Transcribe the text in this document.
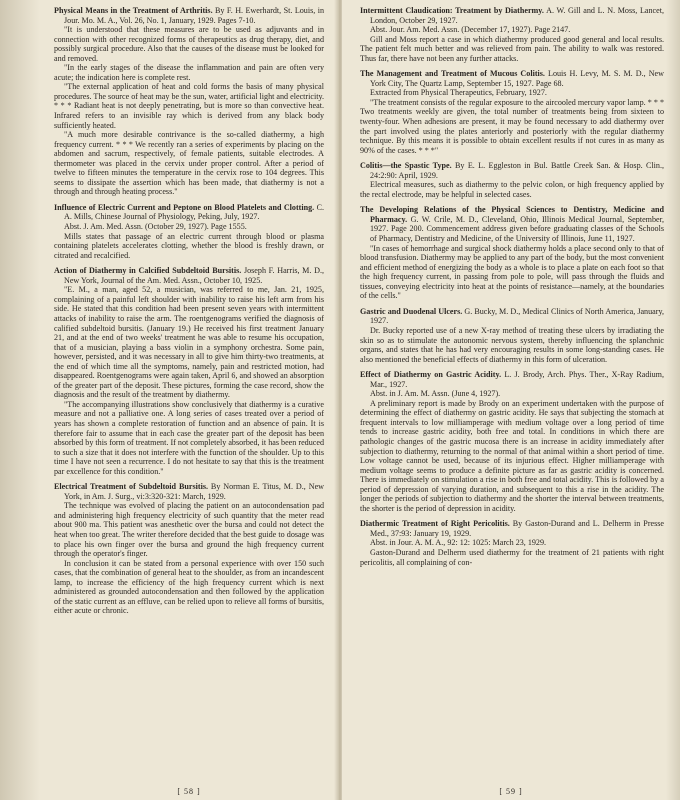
Physical Means in the Treatment of Arthritis. By F. H. Ewerhardt, St. Louis, in Jour. Mo. M. A., Vol. 26, No. 1, January, 1929. Pages 7-10.

"It is understood that these measures are to be used as adjuvants and in connection with other recognized forms of therapeutics as drug therapy, diet, and possibly surgical procedure. Also that the causes of the disease must be looked for and removed.

"In the early stages of the disease the inflammation and pain are often very acute; the indication here is complete rest.

"The external application of heat and cold forms the basis of many physical procedures. The source of heat may be the sun, water, artificial light and electricity. * * * Radiant heat is not deeply penetrating, but is more so than convective heat. Infrared refers to an invisible ray which is derived from any black body sufficiently heated.

"A much more desirable contrivance is the so-called diathermy, a high frequency current. * * * We recently ran a series of experiments by placing on the abdomen and sacrum, respectively, of female patients, suitable electrodes. A thermometer was placed in the cervix under proper control. After a period of twelve to fifteen minutes the temperature in the cervix rose to 104 degrees. This seems to dissipate the assertion which has been made, that diathermy is not a through and through heating process."

Influence of Electric Current and Peptone on Blood Platelets and Clotting. C. A. Mills, Chinese Journal of Physiology, Peking, July, 1927.

Abst. J. Am. Med. Assn. (October 29, 1927). Page 1555.

Mills states that passage of an electric current through blood or plasma containing platelets accelerates clotting, whether the blood is freshly drawn, or citrated and recalcified.

Action of Diathermy in Calcified Subdeltoid Bursitis. Joseph F. Harris, M. D., New York, Journal of the Am. Med. Assn., October 10, 1925.

"E. M., a man, aged 52, a musician, was referred to me, Jan. 21, 1925, complaining of a painful left shoulder with inability to raise his left arm from his side. He stated that this condition had been present seven years with intermittent attacks of inability to raise the arm. The roentgenograms verified the diagnosis of calified subdeltoid bursitis. (January 19.) He received his first treatment January 21, and at the end of two weeks' treatment he was able to resume his occupation, that of a musician, playing a bass violin in a symphony orchestra. Some pain, however, persisted, and it was necessary in all to give him thirty-two treatments, at the end of which time all the symptoms, namely, pain and restricted motion, had disappeared. Roentgenograms were again taken, April 6, and showed an absorption of the greater part of the deposit. These pictures, forming the case record, show the diagnosis and the result of the treatment by diathermy.

"The accompanying illustrations show conclusively that diathermy is a curative measure and not a palliative one. A long series of cases treated over a period of years has shown a complete restoration of function and an absence of pain. It is therefore fair to assume that in each case the greater part of the deposit has been absorbed by this form of treatment. If not completely absorbed, it has been reduced to such a size that it does not interfere with the function of the shoulder. Up to this time I have not seen a recurrence. I do not hesitate to say that this is the treatment par excellence for this condition."

Electrical Treatment of Subdeltoid Bursitis. By Norman E. Titus, M. D., New York, in Am. J. Surg., vi:3:320-321: March, 1929.

The technique was evolved of placing the patient on an autocondensation pad and administering high frequency electricity of such quantity that the meter read about 900 ma. This patient was anesthetic over the bursa and could not detect the heat when too great. The writer therefore decided that the best guide to dosage was to place his own finger over the bursa and ground the high frequency current through the operator's finger.

In conclusion it can be stated from a personal experience with over 150 such cases, that the combination of general heat to the shoulder, as from an incandescent lamp, to increase the efficiency of the high frequency current which is next administered as grounded autocondensation and then followed by the application of the static current as an effluve, can be relied upon to relieve all forms of bursitis, either acute or chronic.

[ 58 ]
Intermittent Claudication: Treatment by Diathermy. A. W. Gill and L. N. Moss, Lancet, London, October 29, 1927.

Abst. Jour. Am. Med. Assn. (December 17, 1927). Page 2147.

Gill and Moss report a case in which diathermy produced good general and local results. The patient felt much better and was relieved from pain. The ability to walk was restored. Thus far, there have not been any further attacks.

The Management and Treatment of Mucous Colitis. Louis H. Levy, M. S. M. D., New York City, The Quartz Lamp, September 15, 1927. Page 68.

Extracted from Physical Therapeutics, February, 1927.

"The treatment consists of the regular exposure to the aircooled mercury vapor lamp. * * * Two treatments weekly are given, the total number of treatments being from sixteen to twenty-four. When adhesions are present, it may be found necessary to add diathermy over the part involved using the plates anteriorly and posteriorly with the regular diathermy technique. By this means it is possible to obtain excellent results if not cures in as many as 90% of the cases. * * *"

Colitis—the Spastic Type. By E. L. Eggleston in Bul. Battle Creek San. & Hosp. Clin., 24:2:90: April, 1929.

Electrical measures, such as diathermy to the pelvic colon, or high frequency applied by the rectal electrode, may be helpful in selected cases.

The Developing Relations of the Physical Sciences to Dentistry, Medicine and Pharmacy. G. W. Crile, M. D., Cleveland, Ohio, Illinois Medical Journal, September, 1927. Page 200. Commencement address given before graduating classes of the Schools of Pharmacy, Dentistry and Medicine, of the University of Illinois, June 11, 1927.

"In cases of hemorrhage and surgical shock diathermy holds a place second only to that of blood transfusion. Diathermy may be applied to any part of the body, but the most convenient and efficient method of energizing the body as a whole is to place a plate on each foot so that the high frequency current, in passing from pole to pole, will pass through the fluids and tissues, conveying electricity into heat at the points of resistance—namely, at the boundaries of the cells."

Gastric and Duodenal Ulcers. G. Bucky, M. D., Medical Clinics of North America, January, 1927.

Dr. Bucky reported use of a new X-ray method of treating these ulcers by irradiating the skin so as to stimulate the autonomic nervous system, thereby influencing the splanchnic organs, and states that he has had very encouraging results in some long-standing cases. He also mentioned the beneficial effects of diathermy in this form of ulceration.

Effect of Diathermy on Gastric Acidity. L. J. Brody, Arch. Phys. Ther., X-Ray Radium, Mar., 1927.

Abst. in J. Am. M. Assn. (June 4, 1927).

A preliminary report is made by Brody on an experiment undertaken with the purpose of determining the effect of diathermy on gastric acidity. He says that subjecting the stomach at frequent intervals to low milliamperage with medium voltage over a long period of time tends to increase gastric acidity, both free and total. In conditions in which there are pathologic changes of the gastric mucosa there is an increase in acidity immediately after subjection to diathermy, returning to the normal of that animal within a short period of time. Low voltage cannot be used, because of its injurious effect. Higher milliamperage with medium voltage seems to produce a definite picture as far as gastric acidity is concerned. There is immediately on stimulation a rise in both free and total acidity. This is followed by a period of depression of varying duration, and subsequent to this a rise in the acidity. The longer the periods of subjection to diathermy and the shorter the interval between treatments, the shorter is the period of depression in acidity.

Diathermic Treatment of Right Pericolitis. By Gaston-Durand and L. Delherm in Presse Med., 37:93: January 19, 1929.

Abst. in Jour. A. M. A., 92: 12: 1025: March 23, 1929.

Gaston-Durand and Delherm used diathermy for the treatment of 21 patients with right pericolitis, all complaining of con-

[ 59 ]
